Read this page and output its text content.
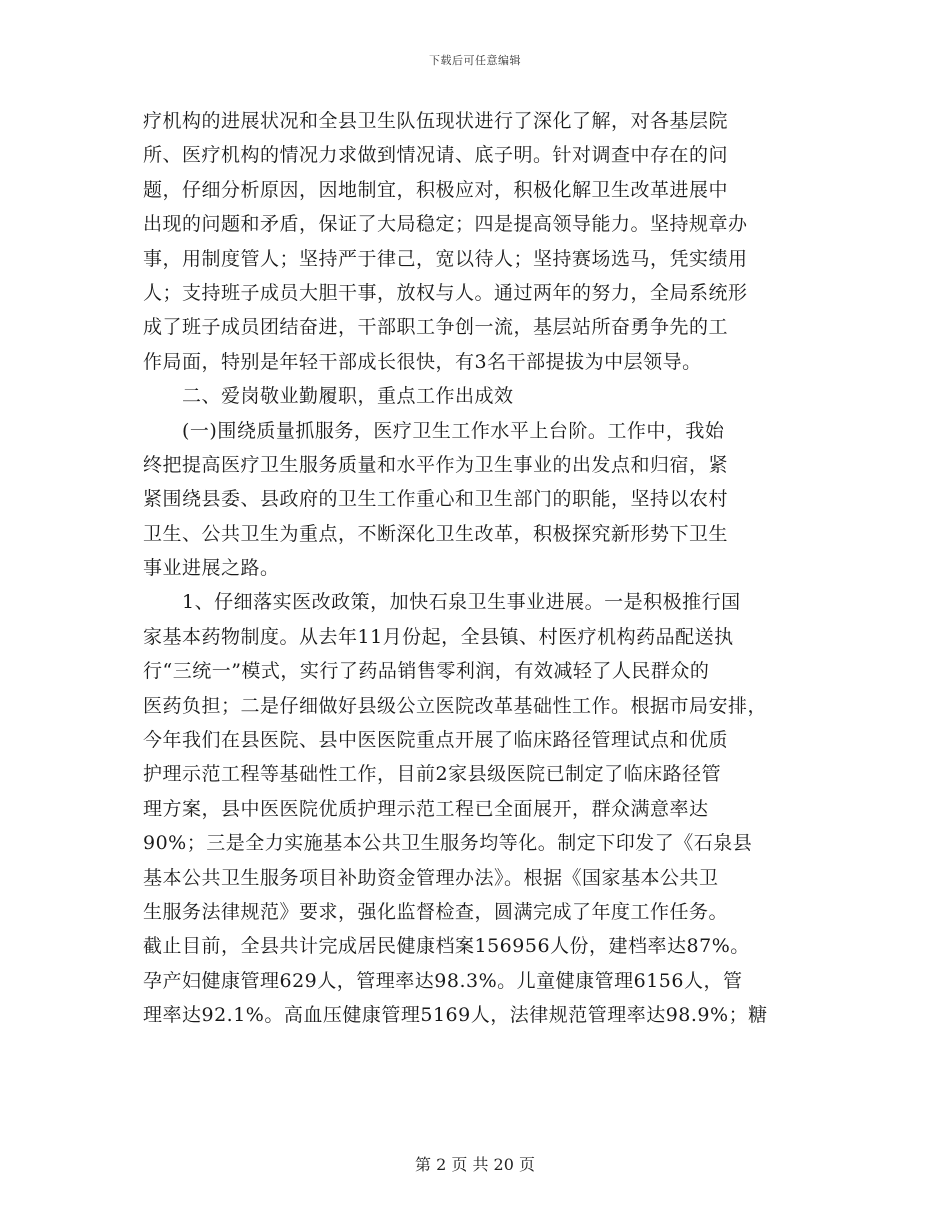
下载后可任意编辑
疗机构的进展状况和全县卫生队伍现状进行了深化了解，对各基层院
所、医疗机构的情况力求做到情况请、底子明。针对调查中存在的问
题，仔细分析原因，因地制宜，积极应对，积极化解卫生改革进展中
出现的问题和矛盾，保证了大局稳定；四是提高领导能力。坚持规章办
事，用制度管人；坚持严于律己，宽以待人；坚持赛场选马，凭实绩用
人；支持班子成员大胆干事，放权与人。通过两年的努力，全局系统形
成了班子成员团结奋进，干部职工争创一流，基层站所奋勇争先的工
作局面，特别是年轻干部成长很快，有3名干部提拔为中层领导。
　　二、爱岗敬业勤履职，重点工作出成效
　　(一)围绕质量抓服务，医疗卫生工作水平上台阶。工作中，我始
终把提高医疗卫生服务质量和水平作为卫生事业的出发点和归宿，紧
紧围绕县委、县政府的卫生工作重心和卫生部门的职能，坚持以农村
卫生、公共卫生为重点，不断深化卫生改革，积极探究新形势下卫生
事业进展之路。
　　1、仔细落实医改政策，加快石泉卫生事业进展。一是积极推行国
家基本药物制度。从去年11月份起，全县镇、村医疗机构药品配送执
行“三统一”模式，实行了药品销售零利润，有效减轻了人民群众的
医药负担；二是仔细做好县级公立医院改革基础性工作。根据市局安排，
今年我们在县医院、县中医医院重点开展了临床路径管理试点和优质
护理示范工程等基础性工作，目前2家县级医院已制定了临床路径管
理方案，县中医医院优质护理示范工程已全面展开，群众满意率达
90%；三是全力实施基本公共卫生服务均等化。制定下印发了《石泉县
基本公共卫生服务项目补助资金管理办法》。根据《国家基本公共卫
生服务法律规范》要求，强化监督检查，圆满完成了年度工作任务。
截止目前，全县共计完成居民健康档案156956人份，建档率达87%。
孕产妇健康管理629人，管理率达98.3%。儿童健康管理6156人，管
理率达92.1%。高血压健康管理5169人，法律规范管理率达98.9%；糖
第 2 页 共 20 页
